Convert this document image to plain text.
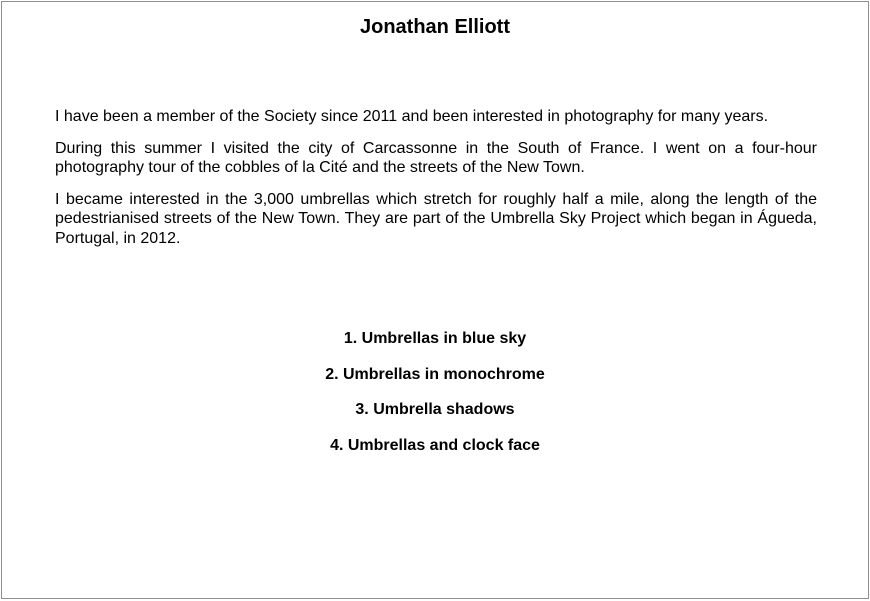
Jonathan Elliott

I have been a member of the Society since 2011 and been interested in photography for many years.

During this summer I visited the city of Carcassonne in the South of France. I went on a four-hour photography tour of the cobbles of la Cité and the streets of the New Town.

I became interested in the 3,000 umbrellas which stretch for roughly half a mile, along the length of the pedestrianised streets of the New Town. They are part of the Umbrella Sky Project which began in Águeda, Portugal, in 2012.

1. Umbrellas in blue sky
2. Umbrellas in monochrome
3. Umbrella shadows
4. Umbrellas and clock face
